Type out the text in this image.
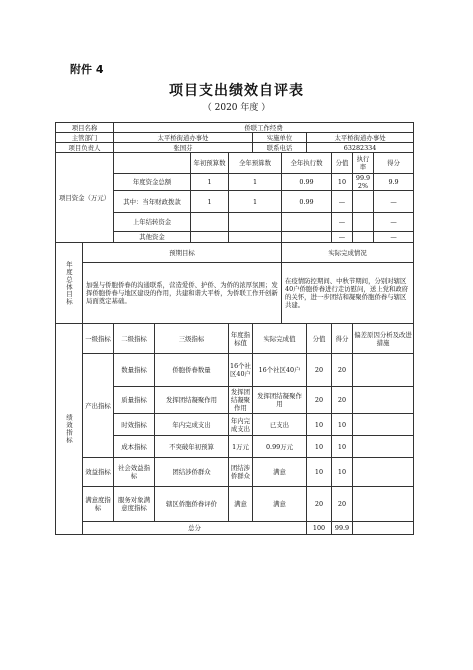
附件 4
项目支出绩效自评表
（ 2020 年度 ）
项目名称		侨联工作经费									
主管部门		太平桥街道办事处				实施单位		太平桥街道办事处			
项目负责人		张国芬				联系电话		63282334			
项目资金（万元）				年初预算数	全年预算数		全年执行数		分值	执行率	得分
		年度资金总额		1	1		0.99		10	99.92%	9.9
		其中：当年财政拨款		1	1		0.99		—		—
		上年结转资金							—		—
		其他资金							—		—

年度总体目标	预期目标						实际完成情况				
	加强与侨胞侨眷的沟通联系，营造爱侨、护侨、为侨的浓厚氛围；发挥侨胞侨眷与地区建设的作用，共建和谐大平桥，为侨联工作开创新局面奠定基础。						在疫情防控期间、中秋节期间，分别对辖区40户侨胞侨眷进行走访慰问，送上党和政府的关怀，进一步团结和凝聚侨胞侨眷与辖区共建。				

绩效指标	一级指标	二级指标	三级指标		年度指标值	实际完成值		分值	得分	偏差原因分析及改进措施	
	产出指标	数量指标	侨胞侨眷数量		16个社区40户	16个社区40户		20	20		
		质量指标	发挥团结凝聚作用		发挥团结凝聚作用	发挥团结凝聚作用		20	20		
		时效指标	年内完成支出		年内完成支出	已支出		10	10		
		成本指标	不突破年初预算		1万元	0.99万元		10	10		
	效益指标	社会效益指标	团结涉侨群众		团结涉侨群众	满意		10	10		
	满意度指标	服务对象满意度指标	辖区侨胞侨眷评价		满意	满意		20	20		
	总分							100	99.9		
